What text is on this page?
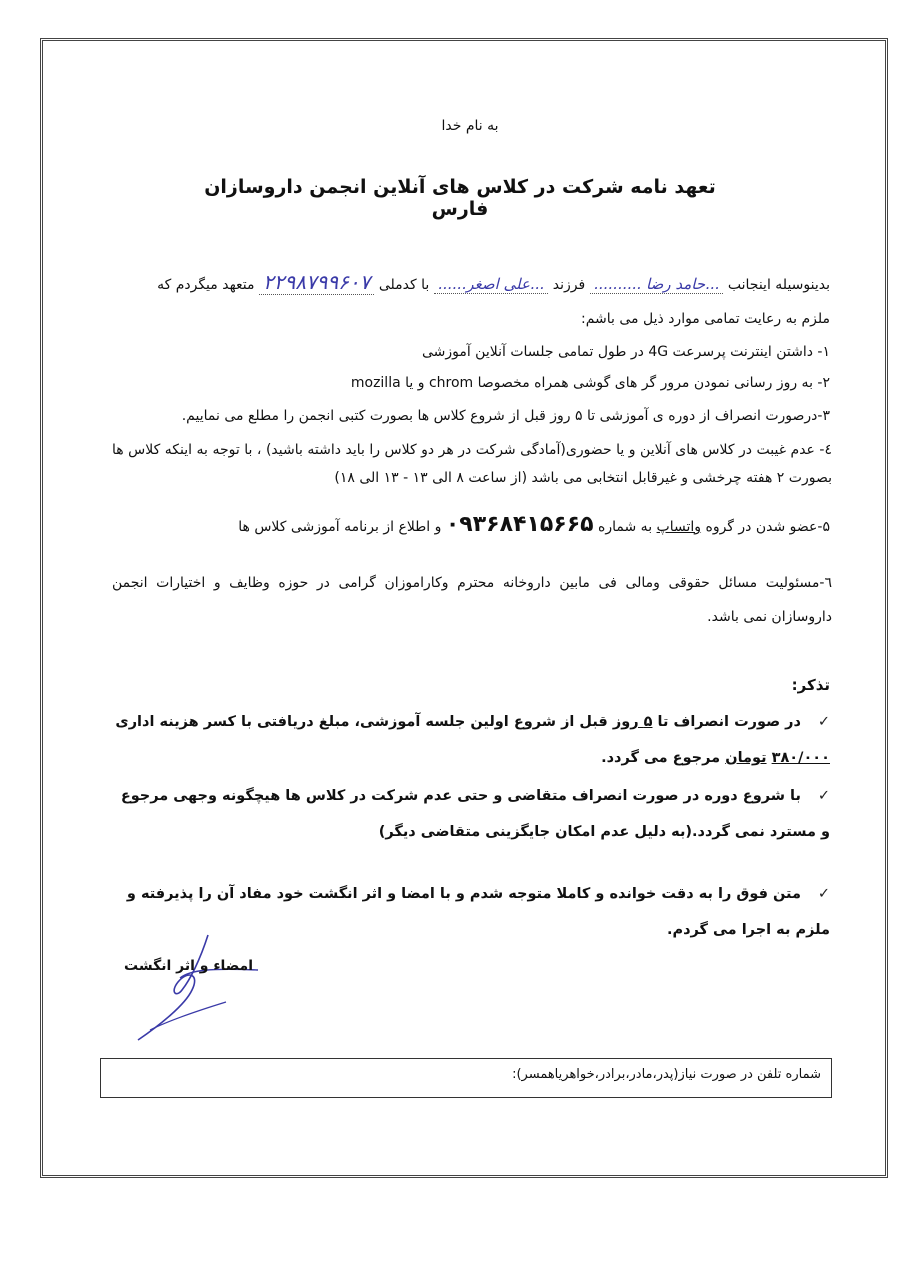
به نام خدا
تعهد نامه شرکت در کلاس های آنلاین انجمن داروسازان فارس
بدینوسیله اینجانب ...حامد رضا .......... فرزند ...علی اصغر...... با کدملی ۲۲۹۸۷۹۹۶۰۷ متعهد میگردم که
ملزم به رعایت تمامی موارد ذیل می باشم:
۱- داشتن اینترنت پرسرعت 4G در طول تمامی جلسات آنلاین آموزشی
۲- به روز رسانی نمودن مرور گر های گوشی همراه مخصوصا chrom و یا mozilla
۳-درصورت انصراف از دوره ی آموزشی تا ۵ روز قبل از شروع کلاس ها بصورت کتبی انجمن را مطلع می نماییم.
٤- عدم غیبت در کلاس های آنلاین و یا حضوری(آمادگی شرکت در هر دو کلاس را باید داشته باشید) ، با توجه به اینکه کلاس ها بصورت ۲ هفته چرخشی و غیرقابل انتخابی می باشد (از ساعت ۸ الی ۱۳ - ۱۳ الی ۱۸)
۵-عضو شدن در گروه واتساپ به شماره ۰۹۳۶۸۴۱۵۶۶۵ و اطلاع از برنامه آموزشی کلاس ها
٦-مسئولیت مسائل حقوقی ومالی فی مابین داروخانه محترم وکاراموزان گرامی در حوزه وظایف و اختیارات انجمن داروسازان نمی باشد.
تذکر:
✓ در صورت انصراف تا ۵ روز قبل از شروع اولین جلسه آموزشی، مبلغ دریافتی با کسر هزینه اداری ۳۸۰/۰۰۰ تومان مرجوع می گردد.
✓ با شروع دوره در صورت انصراف متقاضی و حتی عدم شرکت در کلاس ها هیچگونه وجهی مرجوع و مسترد نمی گردد.(به دلیل عدم امکان جایگزینی متقاضی دیگر)
✓ متن فوق را به دقت خوانده و کاملا متوجه شدم و با امضا و اثر انگشت خود مفاد آن را پذیرفته و ملزم به اجرا می گردم.
امضاء و اثر انگشت
شماره تلفن در صورت نیاز(پدر،مادر،برادر،خواهریاهمسر):
